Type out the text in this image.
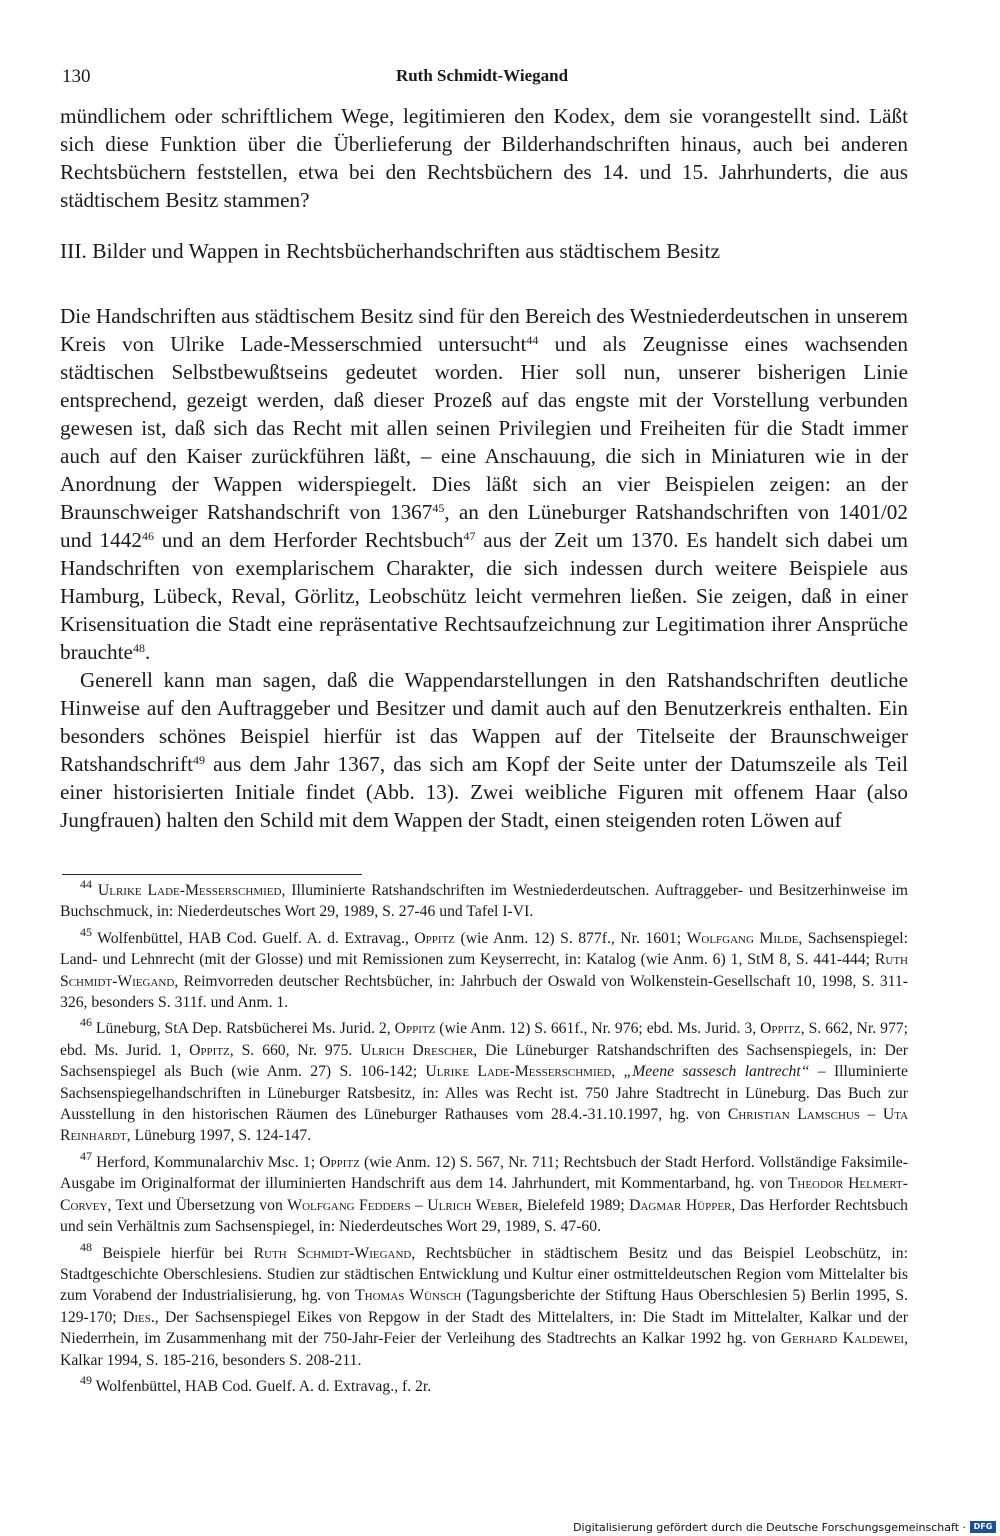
130	Ruth Schmidt-Wiegand

mündlichem oder schriftlichem Wege, legitimieren den Kodex, dem sie vorangestellt sind. Läßt sich diese Funktion über die Überlieferung der Bilderhandschriften hinaus, auch bei anderen Rechtsbüchern feststellen, etwa bei den Rechtsbüchern des 14. und 15. Jahrhunderts, die aus städtischem Besitz stammen?

III. Bilder und Wappen in Rechtsbücherhandschriften aus städtischem Besitz

Die Handschriften aus städtischem Besitz sind für den Bereich des Westniederdeutschen in unserem Kreis von Ulrike Lade-Messerschmied untersucht$^{44}$ und als Zeugnisse eines wachsenden städtischen Selbstbewußtseins gedeutet worden. Hier soll nun, unserer bisherigen Linie entsprechend, gezeigt werden, daß dieser Prozeß auf das engste mit der Vorstellung verbunden gewesen ist, daß sich das Recht mit allen seinen Privilegien und Freiheiten für die Stadt immer auch auf den Kaiser zurückführen läßt, – eine Anschauung, die sich in Miniaturen wie in der Anordnung der Wappen widerspiegelt. Dies läßt sich an vier Beispielen zeigen: an der Braunschweiger Ratshandschrift von 1367$^{45}$, an den Lüneburger Ratshandschriften von 1401/02 und 1442$^{46}$ und an dem Herforder Rechtsbuch$^{47}$ aus der Zeit um 1370. Es handelt sich dabei um Handschriften von exemplarischem Charakter, die sich indessen durch weitere Beispiele aus Hamburg, Lübeck, Reval, Görlitz, Leobschütz leicht vermehren ließen. Sie zeigen, daß in einer Krisensituation die Stadt eine repräsentative Rechtsaufzeichnung zur Legitimation ihrer Ansprüche brauchte$^{48}$.

Generell kann man sagen, daß die Wappendarstellungen in den Ratshandschriften deutliche Hinweise auf den Auftraggeber und Besitzer und damit auch auf den Benutzerkreis enthalten. Ein besonders schönes Beispiel hierfür ist das Wappen auf der Titelseite der Braunschweiger Ratshandschrift$^{49}$ aus dem Jahr 1367, das sich am Kopf der Seite unter der Datumszeile als Teil einer historisierten Initiale findet (Abb. 13). Zwei weibliche Figuren mit offenem Haar (also Jungfrauen) halten den Schild mit dem Wappen der Stadt, einen steigenden roten Löwen auf

$^{44}$ Ulrike Lade-Messerschmied, Illuminierte Ratshandschriften im Westniederdeutschen. Auftraggeber- und Besitzerhinweise im Buchschmuck, in: Niederdeutsches Wort 29, 1989, S. 27-46 und Tafel I-VI.

$^{45}$ Wolfenbüttel, HAB Cod. Guelf. A. d. Extravag., Oppitz (wie Anm. 12) S. 877f., Nr. 1601; Wolfgang Milde, Sachsenspiegel: Land- und Lehnrecht (mit der Glosse) und mit Remissionen zum Keyserrecht, in: Katalog (wie Anm. 6) 1, StM 8, S. 441-444; Ruth Schmidt-Wiegand, Reimvorreden deutscher Rechtsbücher, in: Jahrbuch der Oswald von Wolkenstein-Gesellschaft 10, 1998, S. 311-326, besonders S. 311f. und Anm. 1.

$^{46}$ Lüneburg, StA Dep. Ratsbücherei Ms. Jurid. 2, Oppitz (wie Anm. 12) S. 661f., Nr. 976; ebd. Ms. Jurid. 3, Oppitz, S. 662, Nr. 977; ebd. Ms. Jurid. 1, Oppitz, S. 660, Nr. 975. Ulrich Drescher, Die Lüneburger Ratshandschriften des Sachsenspiegels, in: Der Sachsenspiegel als Buch (wie Anm. 27) S. 106-142; Ulrike Lade-Messerschmied, „Meene sassesch lantrecht“ – Illuminierte Sachsenspiegelhandschriften in Lüneburger Ratsbesitz, in: Alles was Recht ist. 750 Jahre Stadtrecht in Lüneburg. Das Buch zur Ausstellung in den historischen Räumen des Lüneburger Rathauses vom 28.4.-31.10.1997, hg. von Christian Lamschus – Uta Reinhardt, Lüneburg 1997, S. 124-147.

$^{47}$ Herford, Kommunalarchiv Msc. 1; Oppitz (wie Anm. 12) S. 567, Nr. 711; Rechtsbuch der Stadt Herford. Vollständige Faksimile-Ausgabe im Originalformat der illuminierten Handschrift aus dem 14. Jahrhundert, mit Kommentarband, hg. von Theodor Helmert-Corvey, Text und Übersetzung von Wolfgang Fedders – Ulrich Weber, Bielefeld 1989; Dagmar Hüpper, Das Herforder Rechtsbuch und sein Verhältnis zum Sachsenspiegel, in: Niederdeutsches Wort 29, 1989, S. 47-60.

$^{48}$ Beispiele hierfür bei Ruth Schmidt-Wiegand, Rechtsbücher in städtischem Besitz und das Beispiel Leobschütz, in: Stadtgeschichte Oberschlesiens. Studien zur städtischen Entwicklung und Kultur einer ostmitteldeutschen Region vom Mittelalter bis zum Vorabend der Industrialisierung, hg. von Thomas Wünsch (Tagungsberichte der Stiftung Haus Oberschlesien 5) Berlin 1995, S. 129-170; Dies., Der Sachsenspiegel Eikes von Repgow in der Stadt des Mittelalters, in: Die Stadt im Mittelalter, Kalkar und der Niederrhein, im Zusammenhang mit der 750-Jahr-Feier der Verleihung des Stadtrechts an Kalkar 1992 hg. von Gerhard Kaldewei, Kalkar 1994, S. 185-216, besonders S. 208-211.

$^{49}$ Wolfenbüttel, HAB Cod. Guelf. A. d. Extravag., f. 2r.

Digitalisierung gefördert durch die Deutsche Forschungsgemeinschaft · DFG
